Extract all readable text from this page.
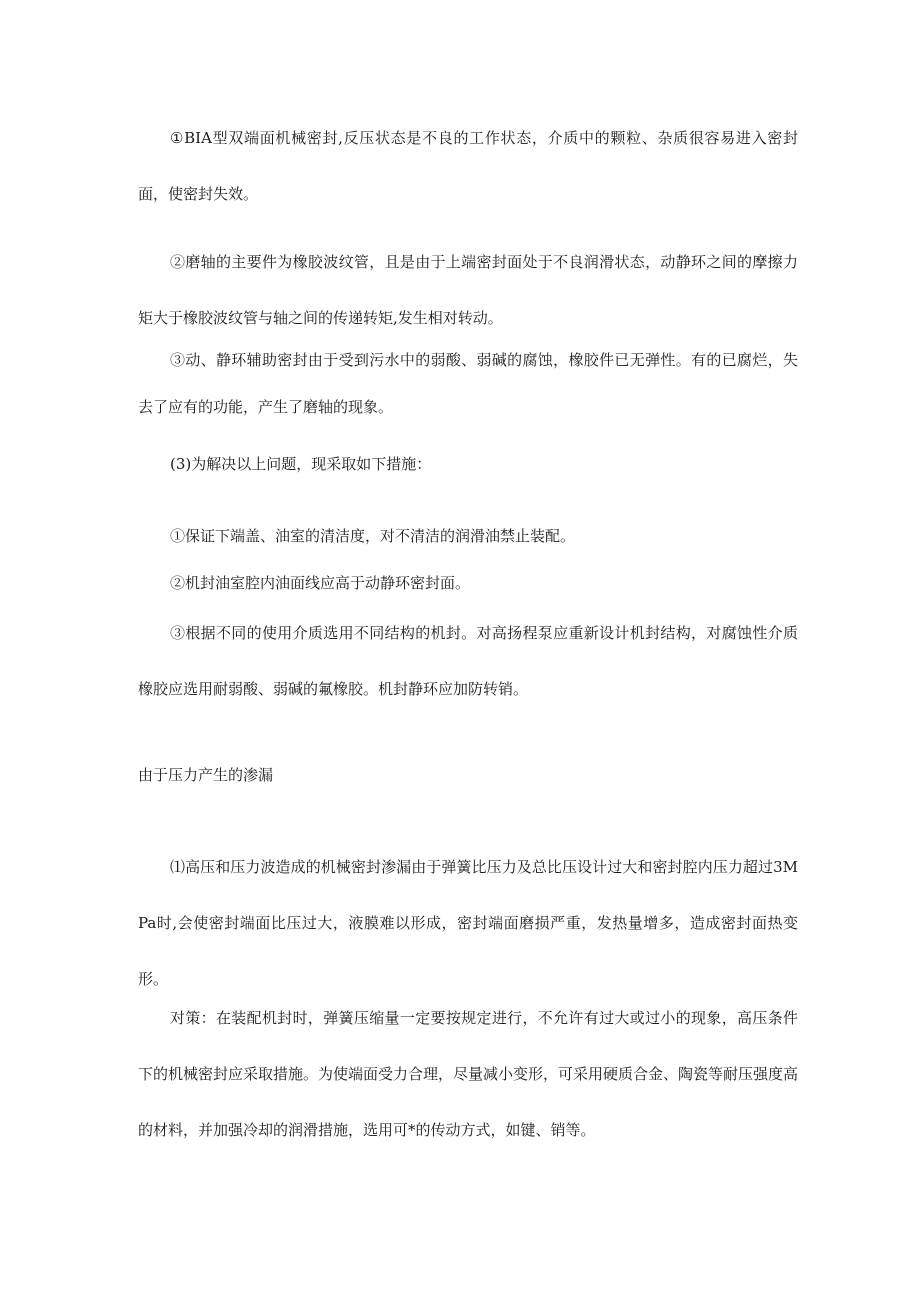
①BIA型双端面机械密封,反压状态是不良的工作状态，介质中的颗粒、杂质很容易进入密封面，使密封失效。

②磨轴的主要件为橡胶波纹管，且是由于上端密封面处于不良润滑状态，动静环之间的摩擦力矩大于橡胶波纹管与轴之间的传递转矩,发生相对转动。

③动、静环辅助密封由于受到污水中的弱酸、弱碱的腐蚀，橡胶件已无弹性。有的已腐烂，失去了应有的功能，产生了磨轴的现象。

(3)为解决以上问题，现采取如下措施：

①保证下端盖、油室的清洁度，对不清洁的润滑油禁止装配。

②机封油室腔内油面线应高于动静环密封面。

③根据不同的使用介质选用不同结构的机封。对高扬程泵应重新设计机封结构，对腐蚀性介质橡胶应选用耐弱酸、弱碱的氟橡胶。机封静环应加防转销。

由于压力产生的渗漏

⑴高压和压力波造成的机械密封渗漏由于弹簧比压力及总比压设计过大和密封腔内压力超过3MPa时,会使密封端面比压过大，液膜难以形成，密封端面磨损严重，发热量增多，造成密封面热变形。

对策：在装配机封时，弹簧压缩量一定要按规定进行，不允许有过大或过小的现象，高压条件下的机械密封应采取措施。为使端面受力合理，尽量减小变形，可采用硬质合金、陶瓷等耐压强度高的材料，并加强冷却的润滑措施，选用可*的传动方式，如键、销等。
